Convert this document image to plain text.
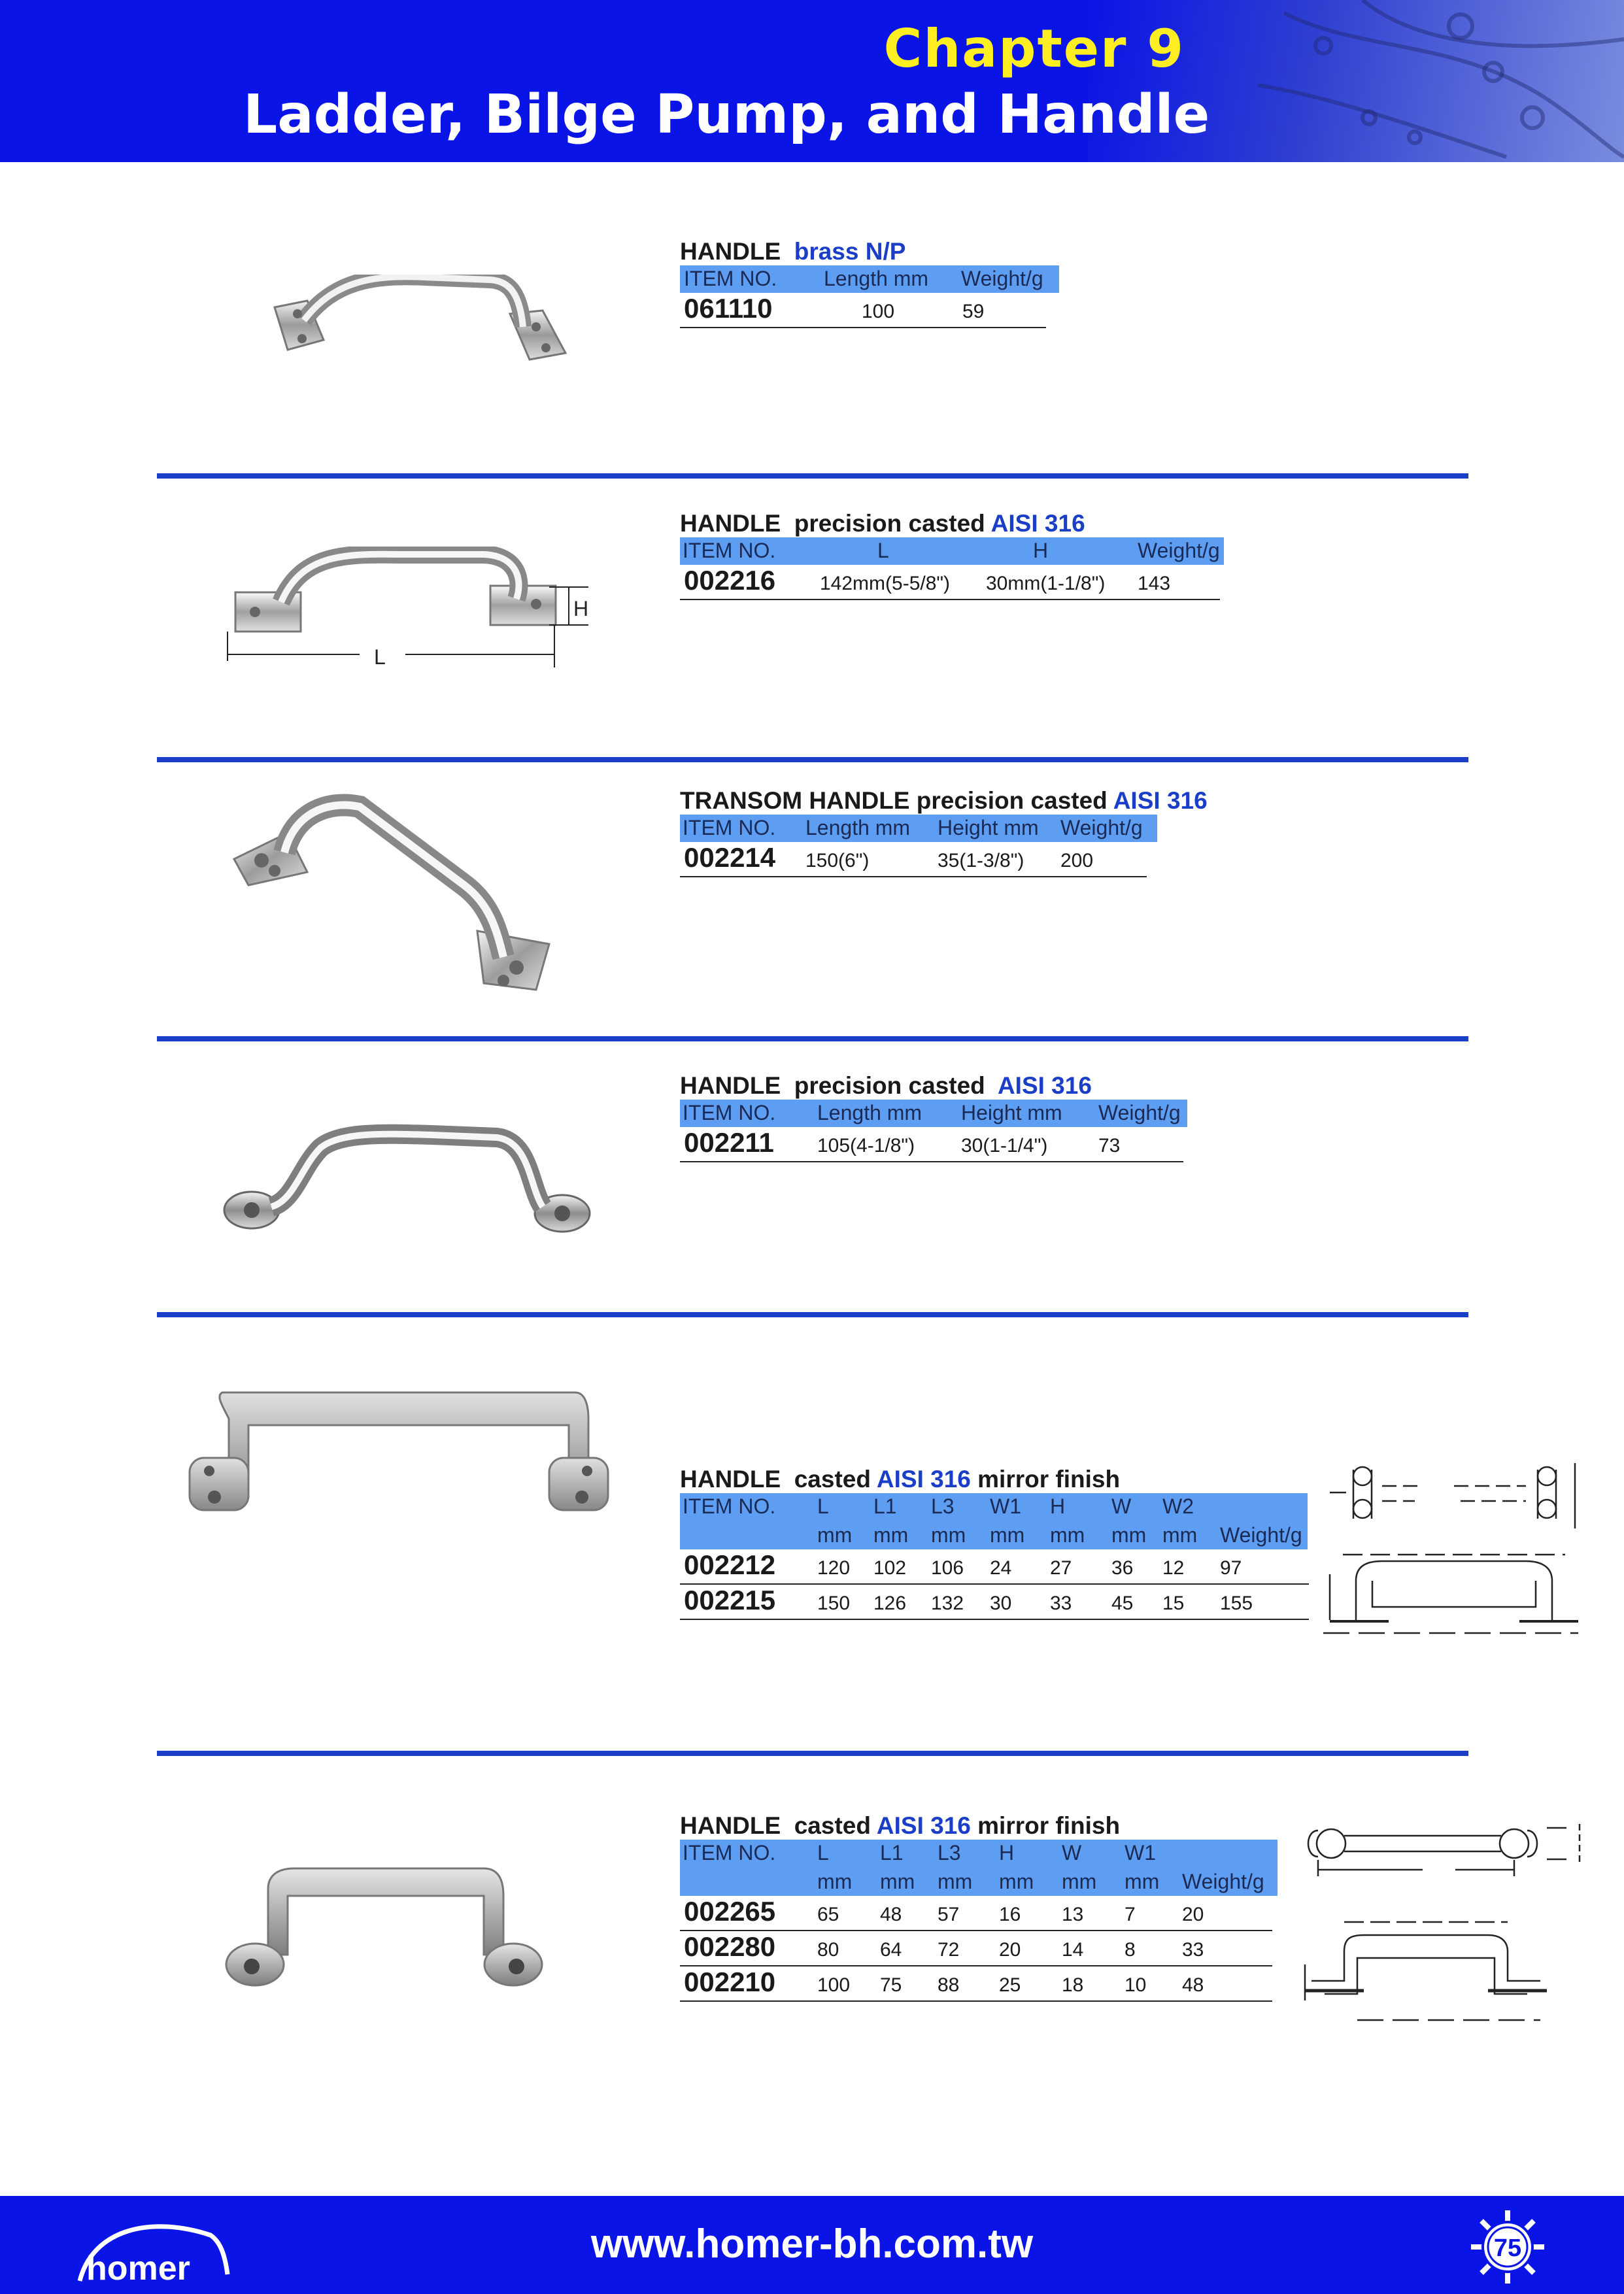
Chapter 9
Ladder, Bilge Pump, and Handle
HANDLE brass N/P
ITEM NO. Length mm Weight/g
061110	100	59
L
H
HANDLE precision casted AISI 316
ITEM NO.	L	H	Weight/g
002216 142mm(5-5/8") 30mm(1-1/8") 143
TRANSOM HANDLE precision casted AISI 316
ITEM NO. Length mm Height mm Weight/g
002214 150(6")	35(1-3/8") 200
HANDLE precision casted AISI 316
ITEM NO. Length mm Height mm Weight/g
002211 105(4-1/8") 30(1-1/4")	73
HANDLE casted AISI 316 mirror finish
ITEM NO. L L1 L3 W1 H W W2
mm mm mm mm mm mm mm Weight/g
002212 120 102 106 24 27 36 12 97
002215 150 126 132 30 33 45 15 155
HANDLE casted AISI 316 mirror finish
ITEM NO. L L1 L3 H W W1
mm mm mm mm mm mm Weight/g
002265 65 48 57 16 13 7 20
002280 80 64 72 20 14 8 33
002210 100 75 88 25 18 10 48
homer
www.homer-bh.com.tw	75
